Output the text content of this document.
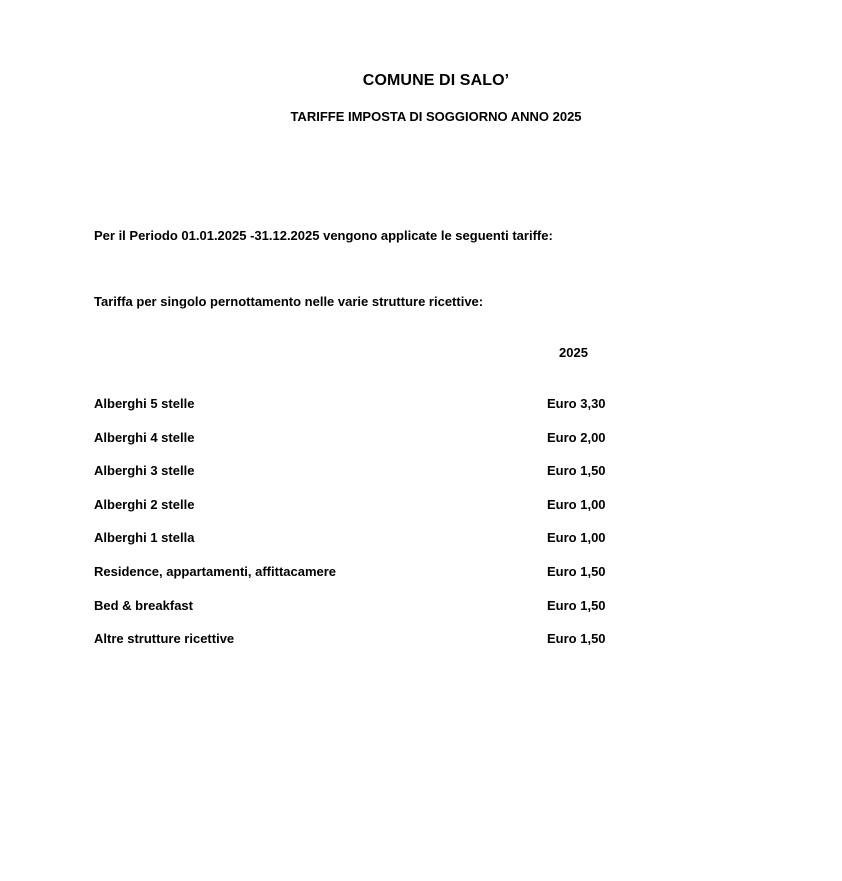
COMUNE DI SALO’
TARIFFE IMPOSTA DI SOGGIORNO ANNO 2025
Per il Periodo 01.01.2025 -31.12.2025 vengono applicate le seguenti tariffe:
Tariffa per singolo pernottamento nelle varie strutture ricettive:
2025
Alberghi 5 stelle	Euro 3,30
Alberghi 4 stelle	Euro 2,00
Alberghi 3 stelle	Euro 1,50
Alberghi 2 stelle	Euro 1,00
Alberghi 1 stella	Euro 1,00
Residence, appartamenti, affittacamere	Euro 1,50
Bed & breakfast	Euro 1,50
Altre strutture ricettive	Euro 1,50
